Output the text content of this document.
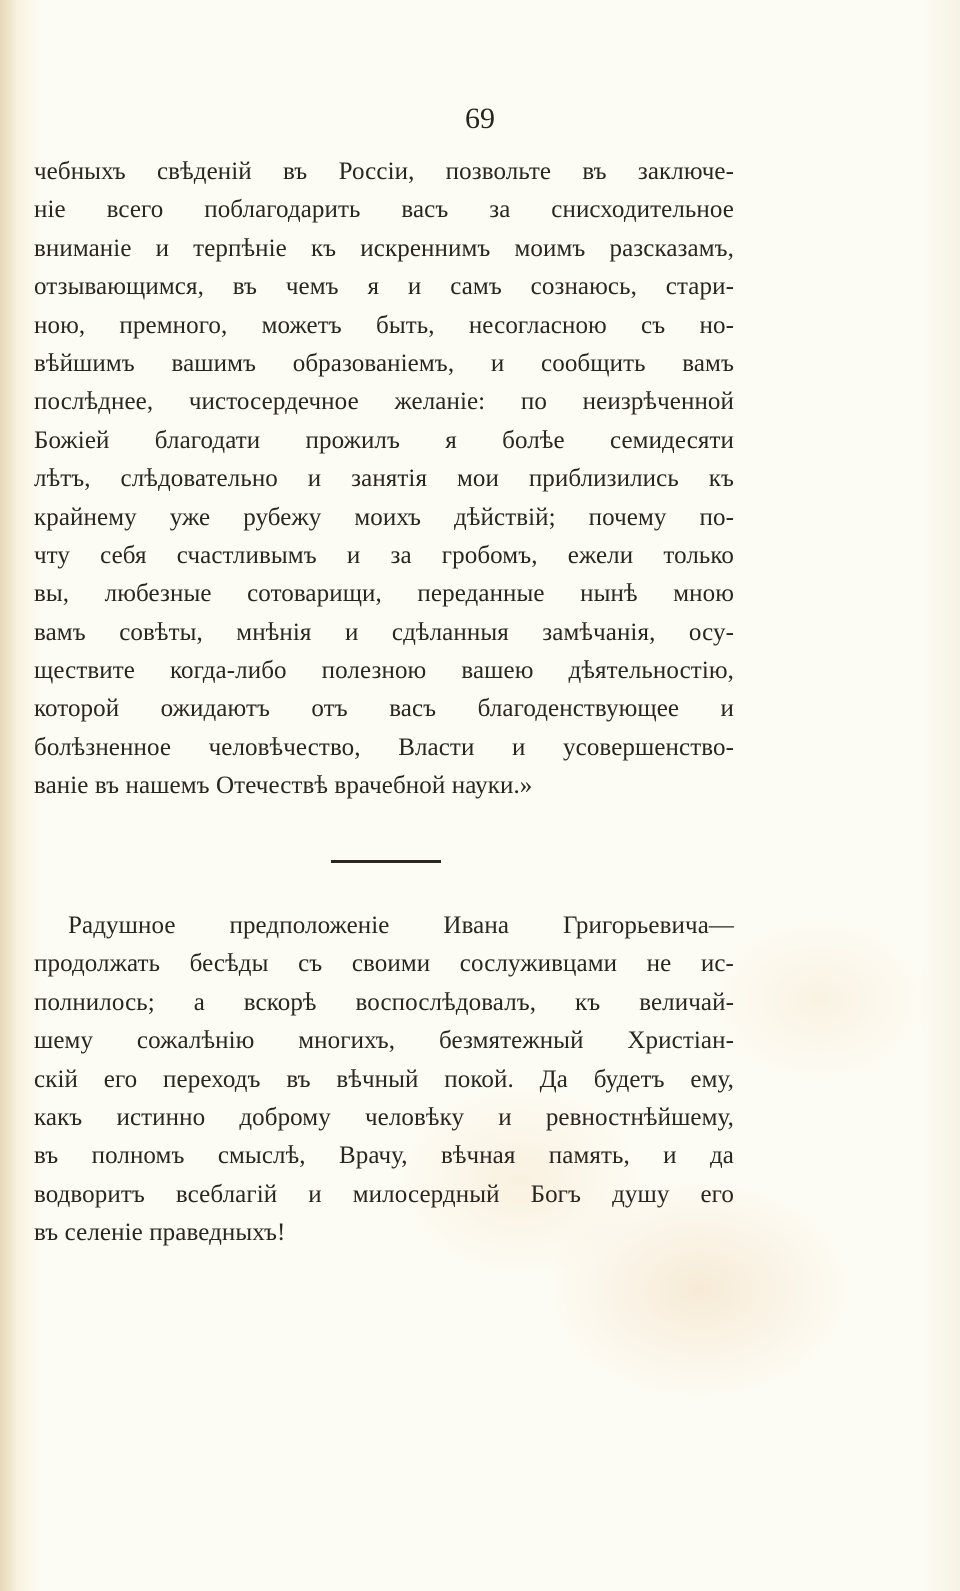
69
чебныхъ свѣденій въ Россіи, позвольте въ заключе-
ніе всего поблагодарить васъ за снисходительное
вниманіе и терпѣніе къ искреннимъ моимъ разсказамъ,
отзывающимся, въ чемъ я и самъ сознаюсь, стари-
ною, премного, можетъ быть, несогласною съ но-
вѣйшимъ вашимъ образованіемъ, и сообщить вамъ
послѣднее, чистосердечное желаніе: по неизрѣченной
Божіей благодати прожилъ я болѣе семидесяти
лѣтъ, слѣдовательно и занятія мои приблизились къ
крайнему уже рубежу моихъ дѣйствій; почему по-
чту себя счастливымъ и за гробомъ, ежели только
вы, любезные сотоварищи, переданные нынѣ мною
вамъ совѣты, мнѣнія и сдѣланныя замѣчанія, осу-
ществите когда-либо полезною вашею дѣятельностію,
которой ожидаютъ отъ васъ благоденствующее и
болѣзненное человѣчество, Власти и усовершенство-
ваніе въ нашемъ Отечествѣ врачебной науки.»
Радушное предположеніе Ивана Григорьевича—
продолжать бесѣды съ своими сослуживцами не ис-
полнилось; а вскорѣ воспослѣдовалъ, къ величай-
шему сожалѣнію многихъ, безмятежный Христіан-
скій его переходъ въ вѣчный покой. Да будетъ ему,
какъ истинно доброму человѣку и ревностнѣйшему,
въ полномъ смыслѣ, Врачу, вѣчная память, и да
водворитъ всеблагій и милосердный Богъ душу его
въ селеніе праведныхъ!
